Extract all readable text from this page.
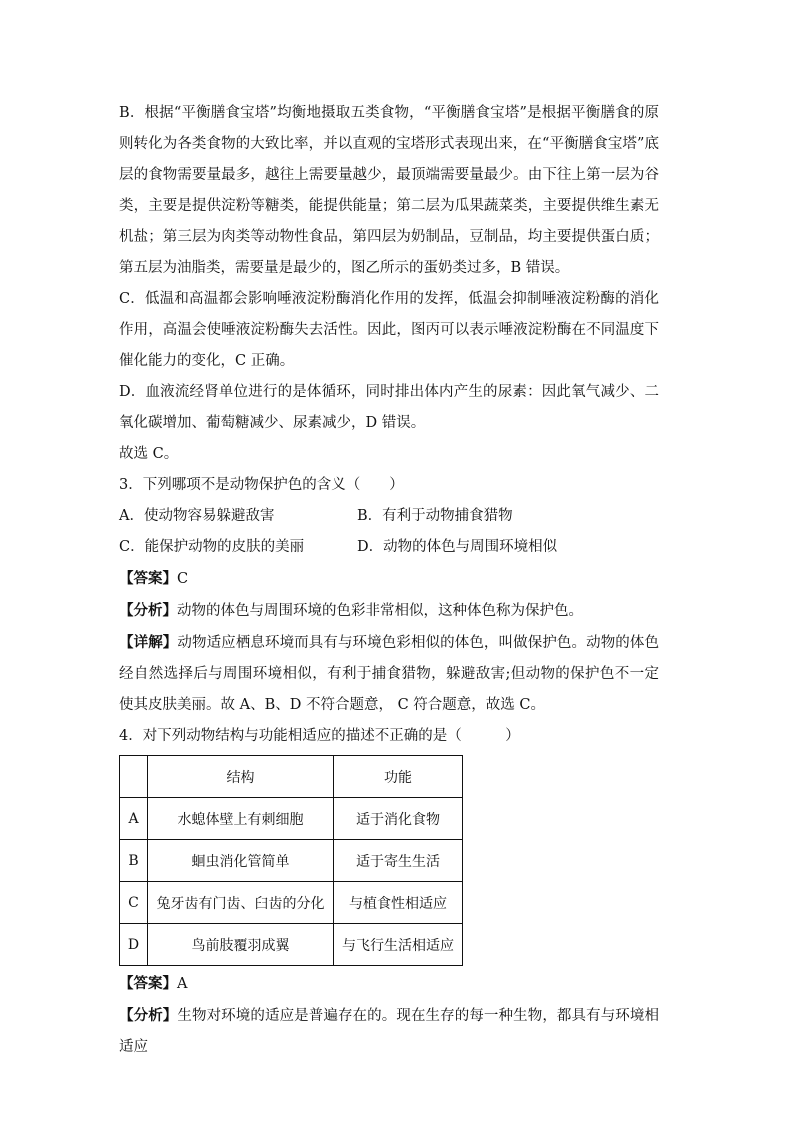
B．根据“平衡膳食宝塔”均衡地摄取五类食物，“平衡膳食宝塔”是根据平衡膳食的原则转化为各类食物的大致比率，并以直观的宝塔形式表现出来，在“平衡膳食宝塔”底层的食物需要量最多，越往上需要量越少，最顶端需要量最少。由下往上第一层为谷类，主要是提供淀粉等糖类，能提供能量；第二层为瓜果蔬菜类，主要提供维生素无机盐；第三层为肉类等动物性食品，第四层为奶制品，豆制品，均主要提供蛋白质；第五层为油脂类，需要量是最少的，图乙所示的蛋奶类过多，B 错误。

C．低温和高温都会影响唾液淀粉酶消化作用的发挥，低温会抑制唾液淀粉酶的消化作用，高温会使唾液淀粉酶失去活性。因此，图丙可以表示唾液淀粉酶在不同温度下催化能力的变化，C 正确。

D．血液流经肾单位进行的是体循环，同时排出体内产生的尿素：因此氧气减少、二氧化碳增加、葡萄糖减少、尿素减少，D 错误。

故选 C。

3．下列哪项不是动物保护色的含义（　　）

A．使动物容易躲避敌害	B．有利于动物捕食猎物
C．能保护动物的皮肤的美丽	D．动物的体色与周围环境相似

【答案】C

【分析】动物的体色与周围环境的色彩非常相似，这种体色称为保护色。

【详解】动物适应栖息环境而具有与环境色彩相似的体色，叫做保护色。动物的体色经自然选择后与周围环境相似，有利于捕食猎物，躲避敌害;但动物的保护色不一定使其皮肤美丽。故 A、B、D 不符合题意， C 符合题意，故选 C。

4．对下列动物结构与功能相适应的描述不正确的是（　　　）

	结构	功能
A	水螅体壁上有刺细胞	适于消化食物
B	蛔虫消化管简单	适于寄生生活
C	兔牙齿有门齿、臼齿的分化	与植食性相适应
D	鸟前肢覆羽成翼	与飞行生活相适应

【答案】A

【分析】生物对环境的适应是普遍存在的。现在生存的每一种生物，都具有与环境相适应
